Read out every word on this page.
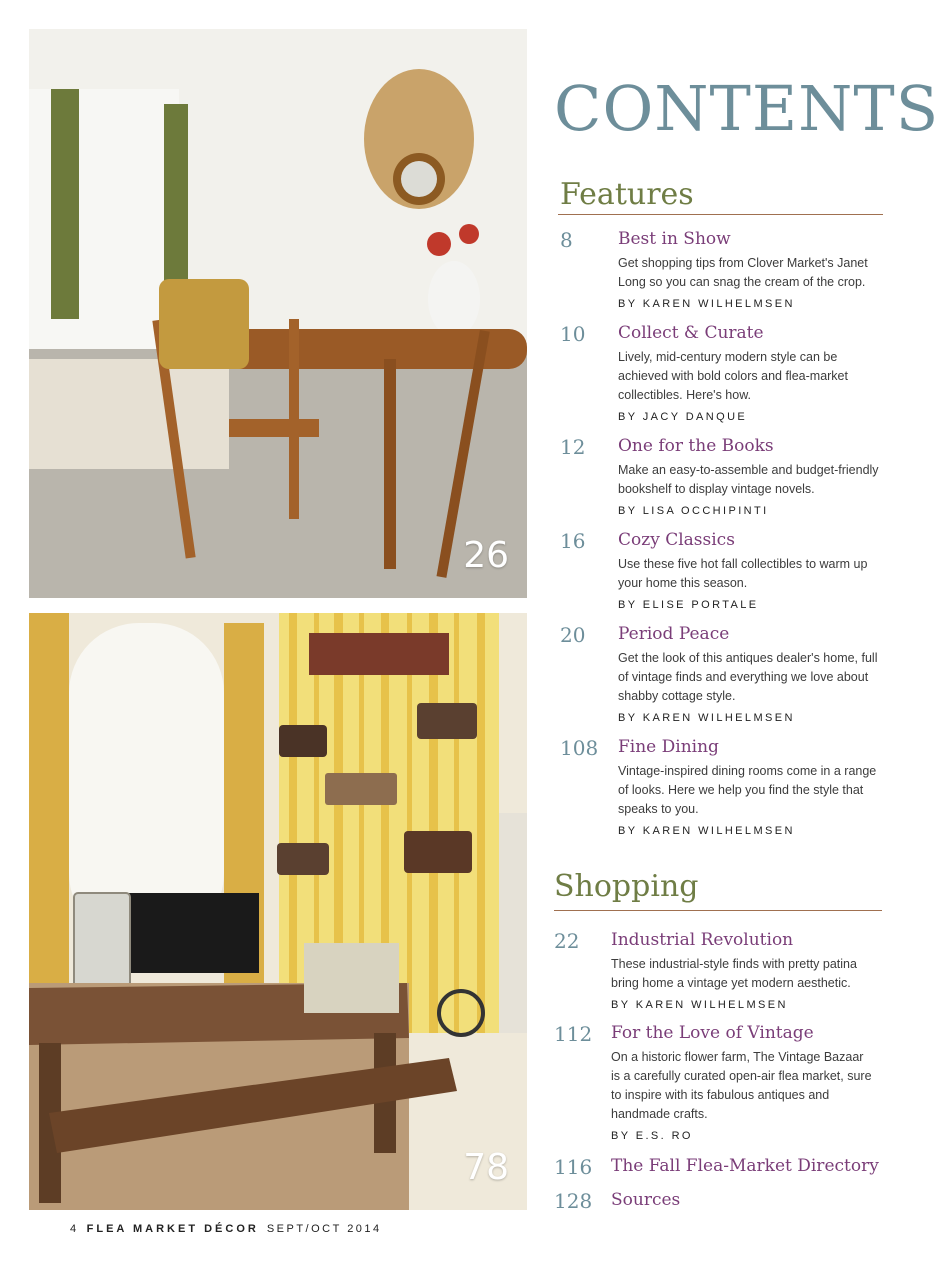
26
78
CONTENTS
Features
8	Best in Show
Get shopping tips from Clover Market's Janet Long so you can snag the cream of the crop.
BY KAREN WILHELMSEN
10 Collect & Curate
Lively, mid-century modern style can be achieved with bold colors and flea-market collectibles. Here's how.
BY JACY DANQUE
12 One for the Books
Make an easy-to-assemble and budget-friendly bookshelf to display vintage novels.
BY LISA OCCHIPINTI
16 Cozy Classics
Use these five hot fall collectibles to warm up your home this season.
BY ELISE PORTALE
20 Period Peace
Get the look of this antiques dealer's home, full of vintage finds and everything we love about shabby cottage style.
BY KAREN WILHELMSEN
108 Fine Dining
Vintage-inspired dining rooms come in a range of looks. Here we help you find the style that speaks to you.
BY KAREN WILHELMSEN
Shopping
22 Industrial Revolution
These industrial-style finds with pretty patina bring home a vintage yet modern aesthetic.
BY KAREN WILHELMSEN
112 For the Love of Vintage
On a historic flower farm, The Vintage Bazaar is a carefully curated open-air flea market, sure to inspire with its fabulous antiques and handmade crafts.
BY E.S. RO
116 The Fall Flea-Market Directory
128 Sources
4 FLEA MARKET DÉCOR SEPT/OCT 2014
